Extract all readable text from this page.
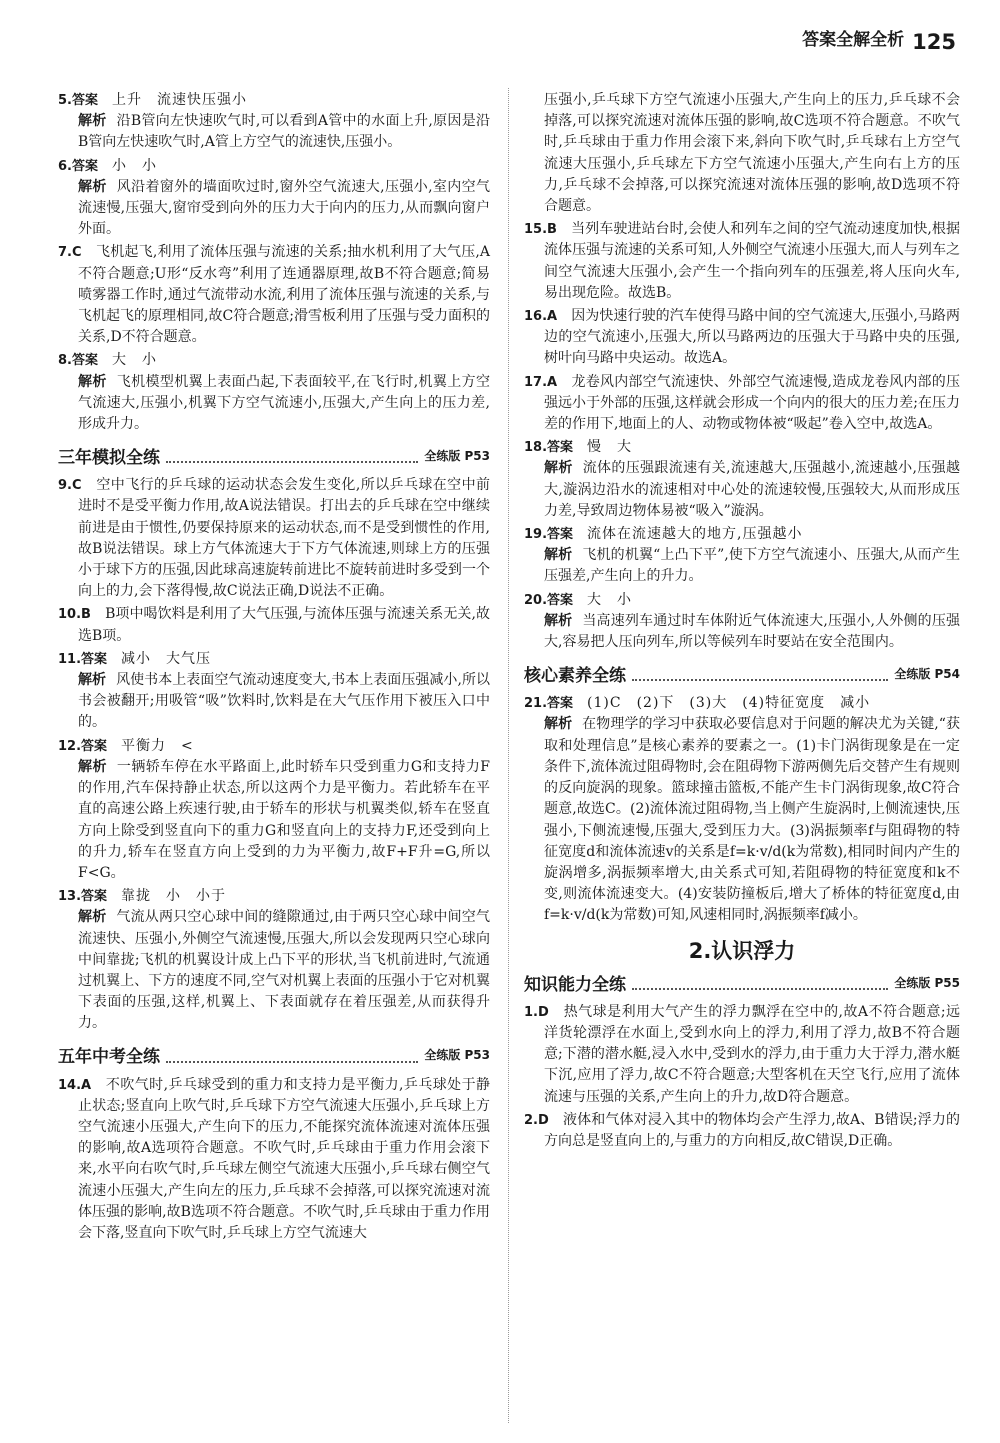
答案全解全析 125
5.答案　 上升　流速快压强小
解析 沿B管向左快速吹气时,可以看到A管中的水面上升,原因是沿B管向左快速吹气时,A管上方空气的流速快,压强小。
6.答案　 小　小
解析 风沿着窗外的墙面吹过时,窗外空气流速大,压强小,室内空气流速慢,压强大,窗帘受到向外的压力大于向内的压力,从而飘向窗户外面。
7.C　 飞机起飞,利用了流体压强与流速的关系;抽水机利用了大气压,A不符合题意;U形“反水弯”利用了连通器原理,故B不符合题意;简易喷雾器工作时,通过气流带动水流,利用了流体压强与流速的关系,与飞机起飞的原理相同,故C符合题意;滑雪板利用了压强与受力面积的关系,D不符合题意。
8.答案　 大　小
解析 飞机模型机翼上表面凸起,下表面较平,在飞行时,机翼上方空气流速大,压强小,机翼下方空气流速小,压强大,产生向上的压力差,形成升力。
三年模拟全练	全练版 P53
9.C　 空中飞行的乒乓球的运动状态会发生变化,所以乒乓球在空中前进时不是受平衡力作用,故A说法错误。打出去的乒乓球在空中继续前进是由于惯性,仍要保持原来的运动状态,而不是受到惯性的作用,故B说法错误。球上方气体流速大于下方气体流速,则球上方的压强小于球下方的压强,因此球高速旋转前进比不旋转前进时多受到一个向上的力,会下落得慢,故C说法正确,D说法不正确。
10.B　 B项中喝饮料是利用了大气压强,与流体压强与流速关系无关,故选B项。
11.答案　 减小　大气压
解析 风使书本上表面空气流动速度变大,书本上表面压强减小,所以书会被翻开;用吸管“吸”饮料时,饮料是在大气压作用下被压入口中的。
12.答案　 平衡力　<
解析 一辆轿车停在水平路面上,此时轿车只受到重力G和支持力F的作用,汽车保持静止状态,所以这两个力是平衡力。若此轿车在平直的高速公路上疾速行驶,由于轿车的形状与机翼类似,轿车在竖直方向上除受到竖直向下的重力G和竖直向上的支持力F,还受到向上的升力,轿车在竖直方向上受到的力为平衡力,故F+F升=G,所以F<G。
13.答案　 靠拢　小　小于
解析 气流从两只空心球中间的缝隙通过,由于两只空心球中间空气流速快、压强小,外侧空气流速慢,压强大,所以会发现两只空心球向中间靠拢;飞机的机翼设计成上凸下平的形状,当飞机前进时,气流通过机翼上、下方的速度不同,空气对机翼上表面的压强小于它对机翼下表面的压强,这样,机翼上、下表面就存在着压强差,从而获得升力。
五年中考全练	全练版 P53
14.A　 不吹气时,乒乓球受到的重力和支持力是平衡力,乒乓球处于静止状态;竖直向上吹气时,乒乓球下方空气流速大压强小,乒乓球上方空气流速小压强大,产生向下的压力,不能探究流体流速对流体压强的影响,故A选项符合题意。不吹气时,乒乓球由于重力作用会滚下来,水平向右吹气时,乒乓球左侧空气流速大压强小,乒乓球右侧空气流速小压强大,产生向左的压力,乒乓球不会掉落,可以探究流速对流体压强的影响,故B选项不符合题意。不吹气时,乒乓球由于重力作用会下落,竖直向下吹气时,乒乓球上方空气流速大
压强小,乒乓球下方空气流速小压强大,产生向上的压力,乒乓球不会掉落,可以探究流速对流体压强的影响,故C选项不符合题意。不吹气时,乒乓球由于重力作用会滚下来,斜向下吹气时,乒乓球右上方空气流速大压强小,乒乓球左下方空气流速小压强大,产生向右上方的压力,乒乓球不会掉落,可以探究流速对流体压强的影响,故D选项不符合题意。
15.B　 当列车驶进站台时,会使人和列车之间的空气流动速度加快,根据流体压强与流速的关系可知,人外侧空气流速小压强大,而人与列车之间空气流速大压强小,会产生一个指向列车的压强差,将人压向火车,易出现危险。故选B。
16.A　 因为快速行驶的汽车使得马路中间的空气流速大,压强小,马路两边的空气流速小,压强大,所以马路两边的压强大于马路中央的压强,树叶向马路中央运动。故选A。
17.A　 龙卷风内部空气流速快、外部空气流速慢,造成龙卷风内部的压强远小于外部的压强,这样就会形成一个向内的很大的压力差;在压力差的作用下,地面上的人、动物或物体被“吸起”卷入空中,故选A。
18.答案　 慢　大
解析 流体的压强跟流速有关,流速越大,压强越小,流速越小,压强越大,漩涡边沿水的流速相对中心处的流速较慢,压强较大,从而形成压力差,导致周边物体易被“吸入”漩涡。
19.答案　 流体在流速越大的地方,压强越小
解析 飞机的机翼“上凸下平”,使下方空气流速小、压强大,从而产生压强差,产生向上的升力。
20.答案　 大　小
解析 当高速列车通过时车体附近气体流速大,压强小,人外侧的压强大,容易把人压向列车,所以等候列车时要站在安全范围内。
核心素养全练	全练版 P54
21.答案　 (1)C　(2)下　(3)大　(4)特征宽度　减小
解析 在物理学的学习中获取必要信息对于问题的解决尤为关键,“获取和处理信息”是核心素养的要素之一。(1)卡门涡街现象是在一定条件下,流体流过阻碍物时,会在阻碍物下游两侧先后交替产生有规则的反向旋涡的现象。篮球撞击篮板,不能产生卡门涡街现象,故C符合题意,故选C。(2)流体流过阻碍物,当上侧产生旋涡时,上侧流速快,压强小,下侧流速慢,压强大,受到压力大。(3)涡振频率f与阻碍物的特征宽度d和流体流速v的关系是f=k·v/d(k为常数),相同时间内产生的旋涡增多,涡振频率增大,由关系式可知,若阻碍物的特征宽度和k不变,则流体流速变大。(4)安装防撞板后,增大了桥体的特征宽度d,由f=k·v/d(k为常数)可知,风速相同时,涡振频率f减小。
2.认识浮力
知识能力全练	全练版 P55
1.D　 热气球是利用大气产生的浮力飘浮在空中的,故A不符合题意;远洋货轮漂浮在水面上,受到水向上的浮力,利用了浮力,故B不符合题意;下潜的潜水艇,浸入水中,受到水的浮力,由于重力大于浮力,潜水艇下沉,应用了浮力,故C不符合题意;大型客机在天空飞行,应用了流体流速与压强的关系,产生向上的升力,故D符合题意。
2.D　 液体和气体对浸入其中的物体均会产生浮力,故A、B错误;浮力的方向总是竖直向上的,与重力的方向相反,故C错误,D正确。
